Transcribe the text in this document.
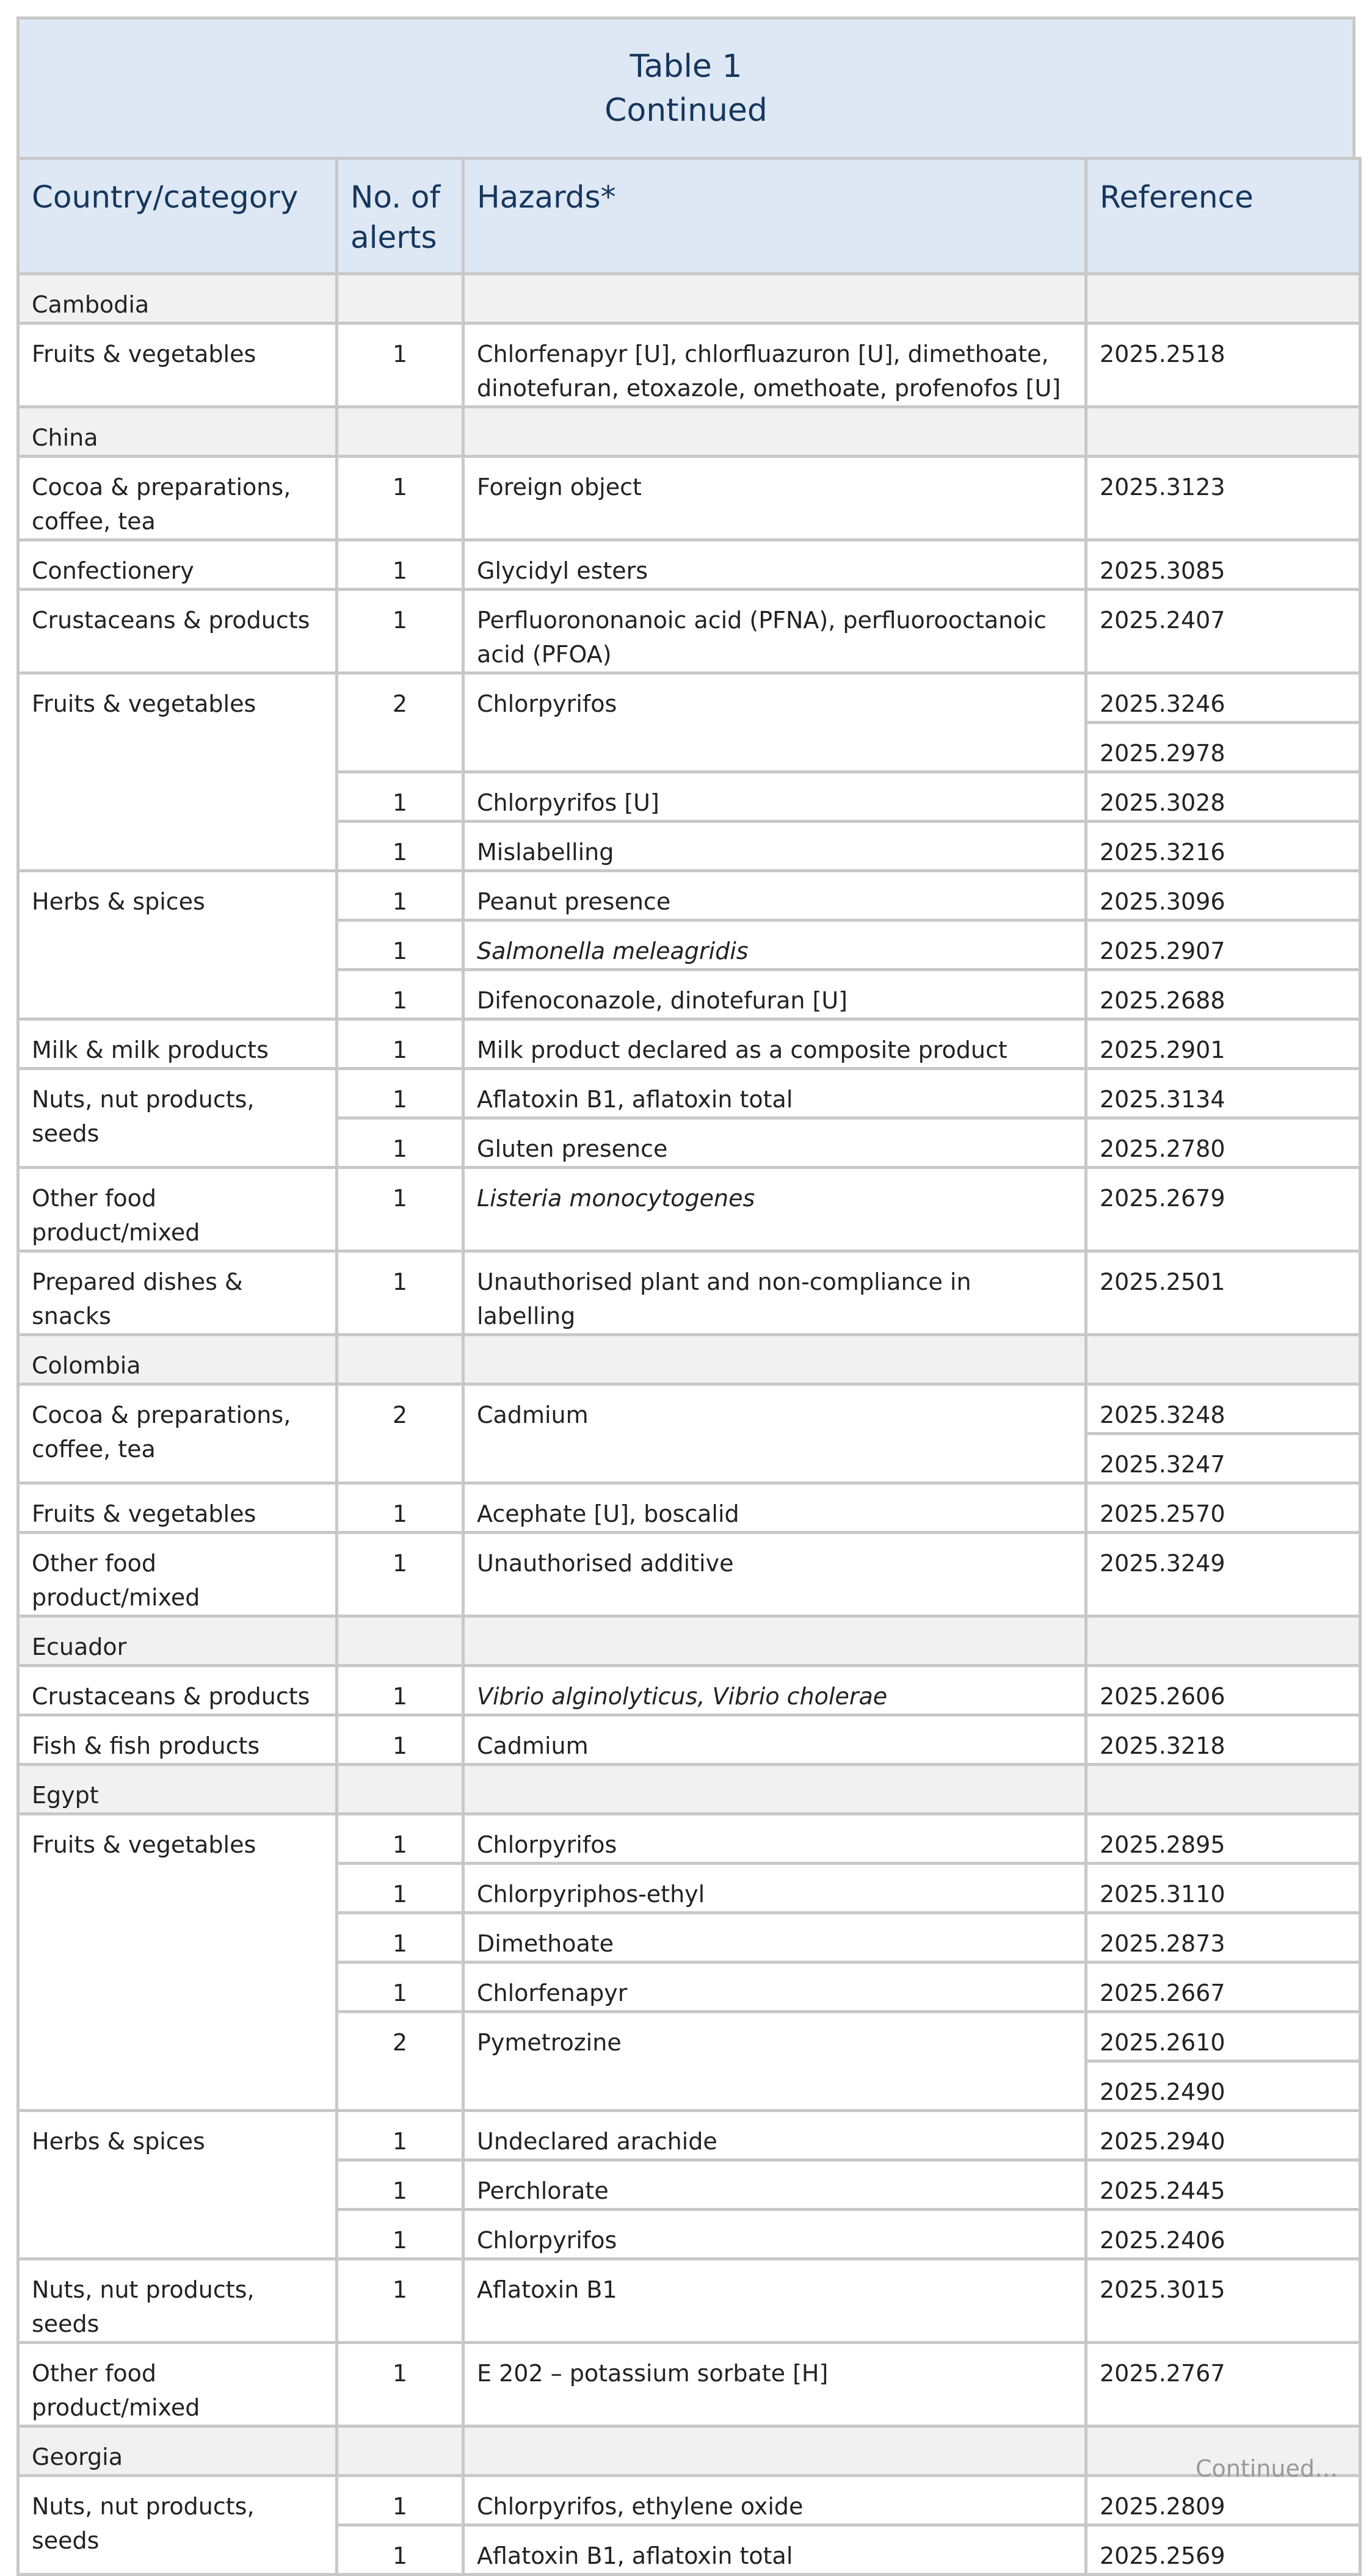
Table 1
Continued
Country/category	No. of alerts	Hazards*	Reference
Cambodia			
Fruits & vegetables	1	Chlorfenapyr [U], chlorfluazuron [U], dimethoate, dinotefuran, etoxazole, omethoate, profenofos [U]	2025.2518
China			
Cocoa & preparations, coffee, tea	1	Foreign object	2025.3123
Confectionery	1	Glycidyl esters	2025.3085
Crustaceans & products	1	Perfluorononanoic acid (PFNA), perfluorooctanoic acid (PFOA)	2025.2407
Fruits & vegetables	2	Chlorpyrifos	2025.3246
			2025.2978
	1	Chlorpyrifos [U]	2025.3028
	1	Mislabelling	2025.3216
Herbs & spices	1	Peanut presence	2025.3096
	1	Salmonella meleagridis	2025.2907
	1	Difenoconazole, dinotefuran [U]	2025.2688
Milk & milk products	1	Milk product declared as a composite product	2025.2901
Nuts, nut products, seeds	1	Aflatoxin B1, aflatoxin total	2025.3134
	1	Gluten presence	2025.2780
Other food product/mixed	1	Listeria monocytogenes	2025.2679
Prepared dishes & snacks	1	Unauthorised plant and non-compliance in labelling	2025.2501
Colombia			
Cocoa & preparations, coffee, tea	2	Cadmium	2025.3248
			2025.3247
Fruits & vegetables	1	Acephate [U], boscalid	2025.2570
Other food product/mixed	1	Unauthorised additive	2025.3249
Ecuador			
Crustaceans & products	1	Vibrio alginolyticus, Vibrio cholerae	2025.2606
Fish & fish products	1	Cadmium	2025.3218
Egypt			
Fruits & vegetables	1	Chlorpyrifos	2025.2895
	1	Chlorpyriphos-ethyl	2025.3110
	1	Dimethoate	2025.2873
	1	Chlorfenapyr	2025.2667
	2	Pymetrozine	2025.2610
			2025.2490
Herbs & spices	1	Undeclared arachide	2025.2940
	1	Perchlorate	2025.2445
	1	Chlorpyrifos	2025.2406
Nuts, nut products, seeds	1	Aflatoxin B1	2025.3015
Other food product/mixed	1	E 202 – potassium sorbate [H]	2025.2767
Georgia			
Nuts, nut products, seeds	1	Chlorpyrifos, ethylene oxide	2025.2809
	1	Aflatoxin B1, aflatoxin total	2025.2569
Continued…
